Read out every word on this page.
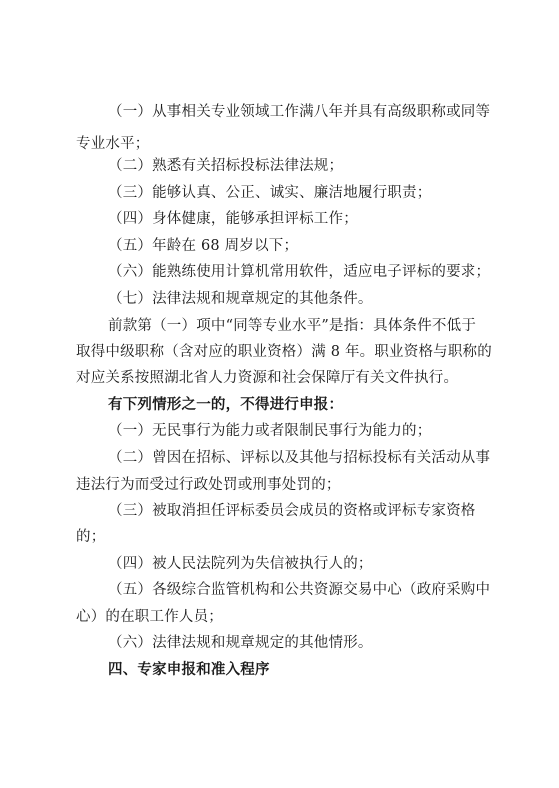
（一）从事相关专业领域工作满八年并具有高级职称或同等
专业水平；
（二）熟悉有关招标投标法律法规；
（三）能够认真、公正、诚实、廉洁地履行职责；
（四）身体健康，能够承担评标工作；
（五）年龄在 68 周岁以下；
（六）能熟练使用计算机常用软件，适应电子评标的要求；
（七）法律法规和规章规定的其他条件。
前款第（一）项中“同等专业水平”是指：具体条件不低于
取得中级职称（含对应的职业资格）满 8 年。职业资格与职称的
对应关系按照湖北省人力资源和社会保障厅有关文件执行。
有下列情形之一的，不得进行申报：
（一）无民事行为能力或者限制民事行为能力的；
（二）曾因在招标、评标以及其他与招标投标有关活动从事
违法行为而受过行政处罚或刑事处罚的；
（三）被取消担任评标委员会成员的资格或评标专家资格
的；
（四）被人民法院列为失信被执行人的；
（五）各级综合监管机构和公共资源交易中心（政府采购中
心）的在职工作人员；
（六）法律法规和规章规定的其他情形。
四、专家申报和准入程序
